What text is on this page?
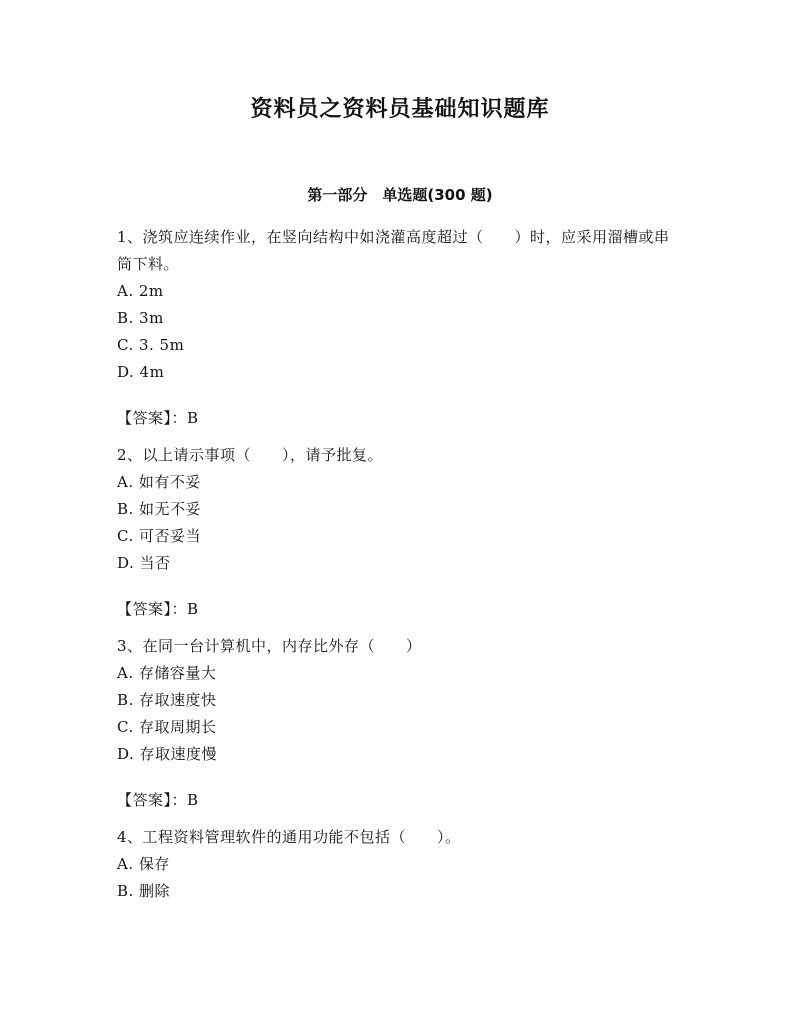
资料员之资料员基础知识题库
第一部分　单选题(300 题)
1、浇筑应连续作业，在竖向结构中如浇灌高度超过（　　）时，应采用溜槽或串筒下料。
A. 2m
B. 3m
C. 3. 5m
D. 4m
【答案】：B
2、以上请示事项（　　），请予批复。
A. 如有不妥
B. 如无不妥
C. 可否妥当
D. 当否
【答案】：B
3、在同一台计算机中，内存比外存（　　）
A. 存储容量大
B. 存取速度快
C. 存取周期长
D. 存取速度慢
【答案】：B
4、工程资料管理软件的通用功能不包括（　　）。
A. 保存
B. 删除
